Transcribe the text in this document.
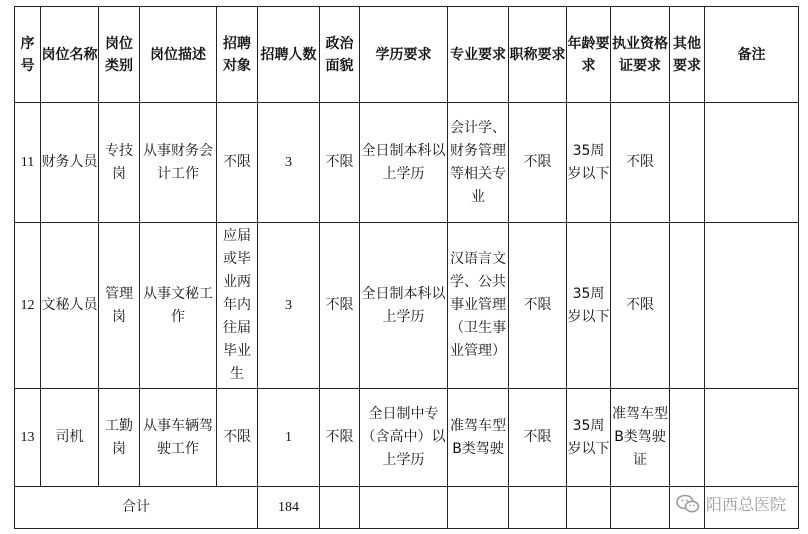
序号	岗位名称	岗位类别	岗位描述	招聘对象	招聘人数	政治面貌	学历要求	专业要求	职称要求	年龄要求	执业资格证要求	其他要求	备注
11	财务人员	专技岗	从事财务会计工作	不限	3	不限	全日制本科以上学历	会计学、财务管理等相关专业	不限	35周岁以下	不限		
12	文秘人员	管理岗	从事文秘工作	应届或毕业两年内往届毕业生	3	不限	全日制本科以上学历	汉语言文学、公共事业管理（卫生事业管理）	不限	35周岁以下	不限		
13	司机	工勤岗	从事车辆驾驶工作	不限	1	不限	全日制中专（含高中）以上学历	准驾车型B类驾驶	不限	35周岁以下	准驾车型B类驾驶证		
合计					184									阳西总医院
